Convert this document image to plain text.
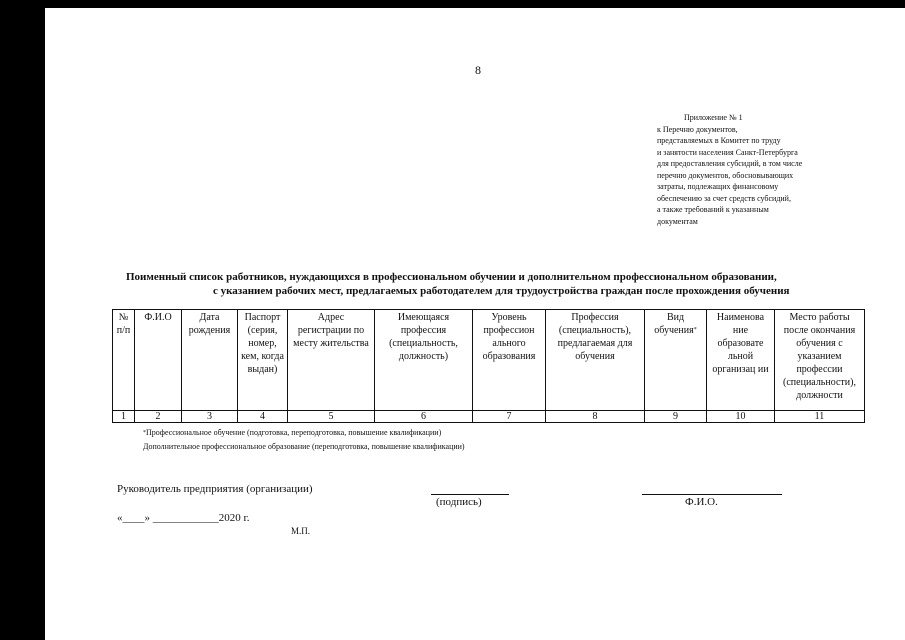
8
Приложение № 1
к Перечню документов,
представляемых в Комитет по труду
и занятости населения Санкт-Петербурга
для предоставления субсидий, в том числе
перечню документов, обосновывающих
затраты, подлежащих финансовому
обеспечению за счет средств субсидий,
а также требований к указанным
документам
Поименный список работников, нуждающихся в профессиональном обучении и дополнительном профессиональном образовании,
с указанием рабочих мест, предлагаемых работодателем для трудоустройства граждан после прохождения обучения
№ п/п	Ф.И.О	Дата рождения	Паспорт (серия, номер, кем, когда выдан)	Адрес регистрации по месту жительства	Имеющаяся профессия (специальность, должность)	Уровень профессион ального образования	Профессия (специальность), предлагаемая для обучения	Вид обучения*	Наименова ние образовате льной организац ии	Место работы после окончания обучения с указанием профессии (специальности), должности
1	2	3	4	5	6	7	8	9	10	11
*Профессиональное обучение (подготовка, переподготовка, повышение квалификации)
Дополнительное профессиональное образование (переподготовка, повышение квалификации)
Руководитель предприятия (организации)
(подпись)	Ф.И.О.
«____» ____________2020 г.
М.П.
